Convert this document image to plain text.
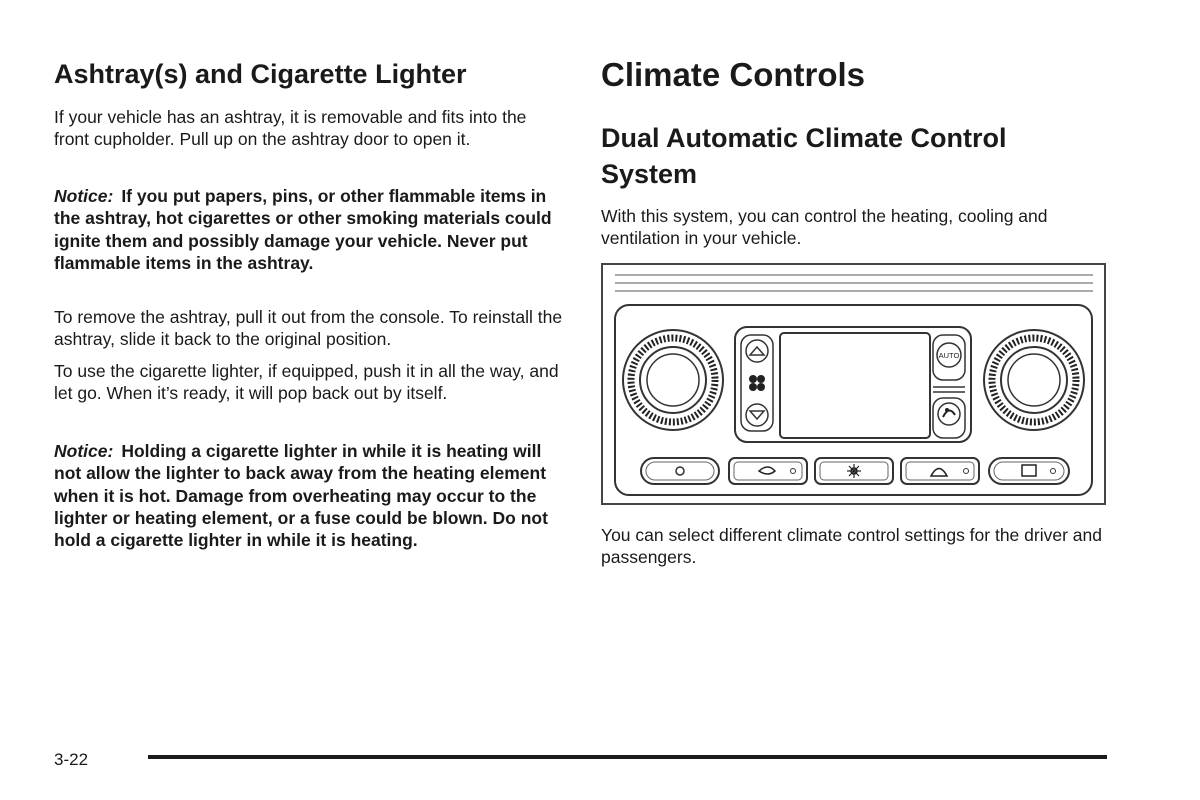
Ashtray(s) and Cigarette Lighter

If your vehicle has an ashtray, it is removable and fits into the front cupholder. Pull up on the ashtray door to open it.

Notice: If you put papers, pins, or other flammable items in the ashtray, hot cigarettes or other smoking materials could ignite them and possibly damage your vehicle. Never put flammable items in the ashtray.

To remove the ashtray, pull it out from the console. To reinstall the ashtray, slide it back to the original position.

To use the cigarette lighter, if equipped, push it in all the way, and let go. When it’s ready, it will pop back out by itself.

Notice: Holding a cigarette lighter in while it is heating will not allow the lighter to back away from the heating element when it is hot. Damage from overheating may occur to the lighter or heating element, or a fuse could be blown. Do not hold a cigarette lighter in while it is heating.

Climate Controls
Dual Automatic Climate Control System

With this system, you can control the heating, cooling and ventilation in your vehicle.

AUTO

You can select different climate control settings for the driver and passengers.

3-22
